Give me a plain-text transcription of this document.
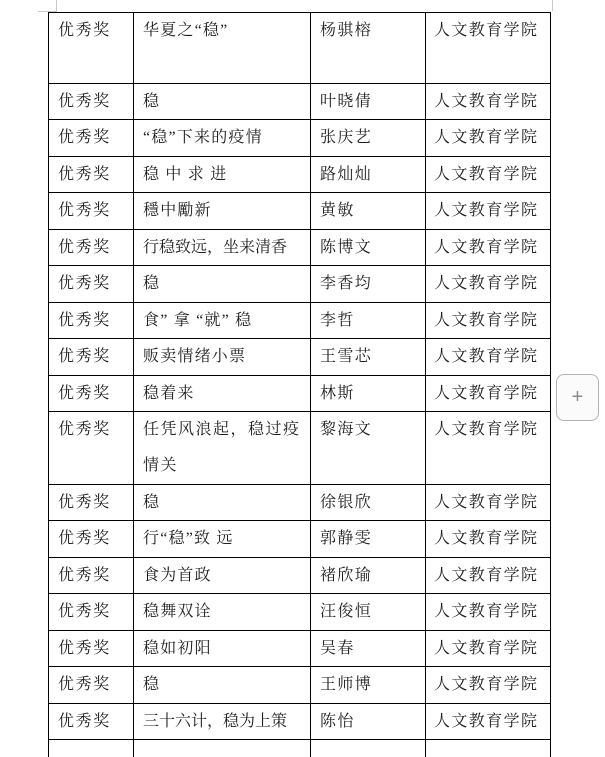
优秀奖	华夏之“稳”	杨骐榕	人文教育学院
优秀奖	稳	叶晓倩	人文教育学院
优秀奖	“稳”下来的疫情	张庆艺	人文教育学院
优秀奖	稳 中 求 进	路灿灿	人文教育学院
优秀奖	穩中勵新	黄敏	人文教育学院
优秀奖	行稳致远，坐来清香	陈博文	人文教育学院
优秀奖	稳	李香均	人文教育学院
优秀奖	食” 拿 “就” 稳	李哲	人文教育学院
优秀奖	贩卖情绪小票	王雪芯	人文教育学院
优秀奖	稳着来	林斯	人文教育学院
优秀奖	任凭风浪起，稳过疫情关	黎海文	人文教育学院
优秀奖	稳	徐银欣	人文教育学院
优秀奖	行“稳”致 远	郭静雯	人文教育学院
优秀奖	食为首政	褚欣瑜	人文教育学院
优秀奖	稳舞双诠	汪俊恒	人文教育学院
优秀奖	稳如初阳	吴春	人文教育学院
优秀奖	稳	王师博	人文教育学院
优秀奖	三十六计，稳为上策	陈怡	人文教育学院

+
